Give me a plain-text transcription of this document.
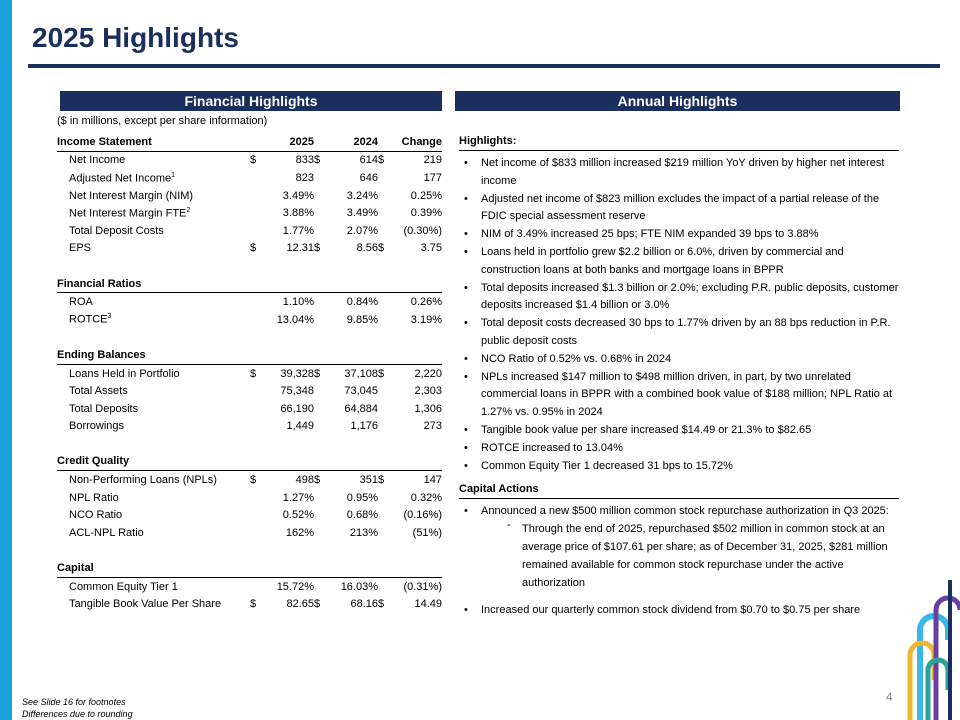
2025 Highlights
Financial Highlights	Annual Highlights
($ in millions, except per share information)
Income Statement		2025		2024		Change
Net Income	$	833	$	614	$	219
Adjusted Net Income$^1$		823		646		177
Net Interest Margin (NIM)		3.49%		3.24%		0.25%
Net Interest Margin FTE$^2$		3.88%		3.49%		0.39%
Total Deposit Costs		1.77%		2.07%		(0.30%)
EPS	$	12.31	$	8.56	$	3.75

Financial Ratios						
ROA		1.10%		0.84%		0.26%
ROTCE$^3$		13.04%		9.85%		3.19%

Ending Balances						
Loans Held in Portfolio	$	39,328	$	37,108	$	2,220
Total Assets		75,348		73,045		2,303
Total Deposits		66,190		64,884		1,306
Borrowings		1,449		1,176		273

Credit Quality						
Non-Performing Loans (NPLs)	$	498	$	351	$	147
NPL Ratio		1.27%		0.95%		0.32%
NCO Ratio		0.52%		0.68%		(0.16%)
ACL-NPL Ratio		162%		213%		(51%)

Capital						
Common Equity Tier 1		15.72%		16.03%		(0.31%)
Tangible Book Value Per Share	$	82.65	$	68.16	$	14.49
Highlights:
• Net income of $833 million increased $219 million YoY driven by higher net interest income
• Adjusted net income of $823 million excludes the impact of a partial release of the FDIC special assessment reserve
• NIM of 3.49% increased 25 bps; FTE NIM expanded 39 bps to 3.88%
• Loans held in portfolio grew $2.2 billion or 6.0%, driven by commercial and construction loans at both banks and mortgage loans in BPPR
• Total deposits increased $1.3 billion or 2.0%; excluding P.R. public deposits, customer deposits increased $1.4 billion or 3.0%
• Total deposit costs decreased 30 bps to 1.77% driven by an 88 bps reduction in P.R. public deposit costs
• NCO Ratio of 0.52% vs. 0.68% in 2024
• NPLs increased $147 million to $498 million driven, in part, by two unrelated commercial loans in BPPR with a combined book value of $188 million; NPL Ratio at 1.27% vs. 0.95% in 2024
• Tangible book value per share increased $14.49 or 21.3% to $82.65
• ROTCE increased to 13.04%
• Common Equity Tier 1 decreased 31 bps to 15.72%
Capital Actions
• Announced a new $500 million common stock repurchase authorization in Q3 2025:
‐ Through the end of 2025, repurchased $502 million in common stock at an average price of $107.61 per share; as of December 31, 2025, $281 million remained available for common stock repurchase under the active authorization
• Increased our quarterly common stock dividend from $0.70 to $0.75 per share
See Slide 16 for footnotes
Differences due to rounding
4
